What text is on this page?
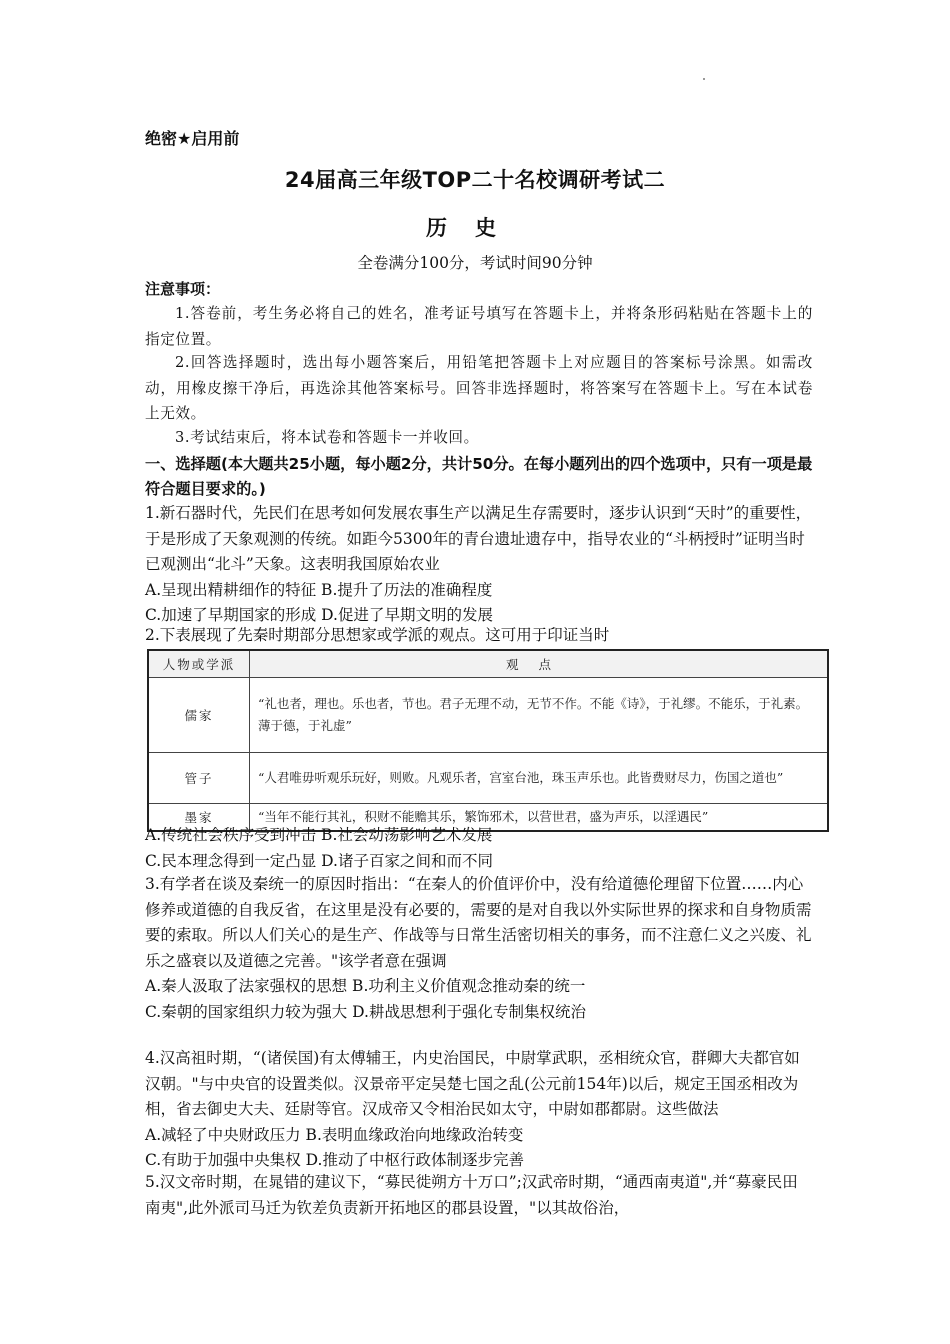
绝密★启用前
24届高三年级TOP二十名校调研考试二
历史
全卷满分100分，考试时间90分钟
注意事项：
1.答卷前，考生务必将自己的姓名，准考证号填写在答题卡上，并将条形码粘贴在答题卡上的指定位置。
2.回答选择题时，选出每小题答案后，用铅笔把答题卡上对应题目的答案标号涂黑。如需改动，用橡皮擦干净后，再选涂其他答案标号。回答非选择题时，将答案写在答题卡上。写在本试卷上无效。
3.考试结束后，将本试卷和答题卡一并收回。
一、选择题(本大题共25小题，每小题2分，共计50分。在每小题列出的四个选项中，只有一项是最符合题目要求的。)

1.新石器时代，先民们在思考如何发展农事生产以满足生存需要时，逐步认识到“天时”的重要性，于是形成了天象观测的传统。如距今5300年的青台遗址遗存中，指导农业的“斗柄授时”证明当时已观测出“北斗”天象。这表明我国原始农业

A.呈现出精耕细作的特征 B.提升了历法的准确程度

C.加速了早期国家的形成 D.促进了早期文明的发展

2.下表展现了先秦时期部分思想家或学派的观点。这可用于印证当时
人物或学派	观点
儒家	“礼也者，理也。乐也者，节也。君子无理不动，无节不作。不能《诗》，于礼缪。不能乐，于礼素。薄于德，于礼虚”
管子	“人君唯毋听观乐玩好，则败。凡观乐者，宫室台池，珠玉声乐也。此皆费财尽力，伤国之道也”
墨家	“当年不能行其礼，积财不能赡其乐，繁饰邪术，以营世君，盛为声乐，以淫遇民”

A.传统社会秩序受到冲击 B.社会动荡影响艺术发展

C.民本理念得到一定凸显 D.诸子百家之间和而不同

3.有学者在谈及秦统一的原因时指出：“在秦人的价值评价中，没有给道德伦理留下位置……内心修养或道德的自我反省，在这里是没有必要的，需要的是对自我以外实际世界的探求和自身物质需要的索取。所以人们关心的是生产、作战等与日常生活密切相关的事务，而不注意仁义之兴废、礼乐之盛衰以及道德之完善。"该学者意在强调

A.秦人汲取了法家强权的思想 B.功利主义价值观念推动秦的统一

C.秦朝的国家组织力较为强大 D.耕战思想利于强化专制集权统治

4.汉高祖时期，“(诸侯国)有太傅辅王，内史治国民，中尉掌武职，丞相统众官，群卿大夫都官如汉朝。"与中央官的设置类似。汉景帝平定吴楚七国之乱(公元前154年)以后，规定王国丞相改为相，省去御史大夫、廷尉等官。汉成帝又令相治民如太守，中尉如郡都尉。这些做法

A.减轻了中央财政压力 B.表明血缘政治向地缘政治转变

C.有助于加强中央集权 D.推动了中枢行政体制逐步完善

5.汉文帝时期，在晁错的建议下，“募民徙朔方十万口”;汉武帝时期，“通西南夷道",并“募豪民田南夷",此外派司马迁为钦差负责新开拓地区的郡县设置，"以其故俗治，
